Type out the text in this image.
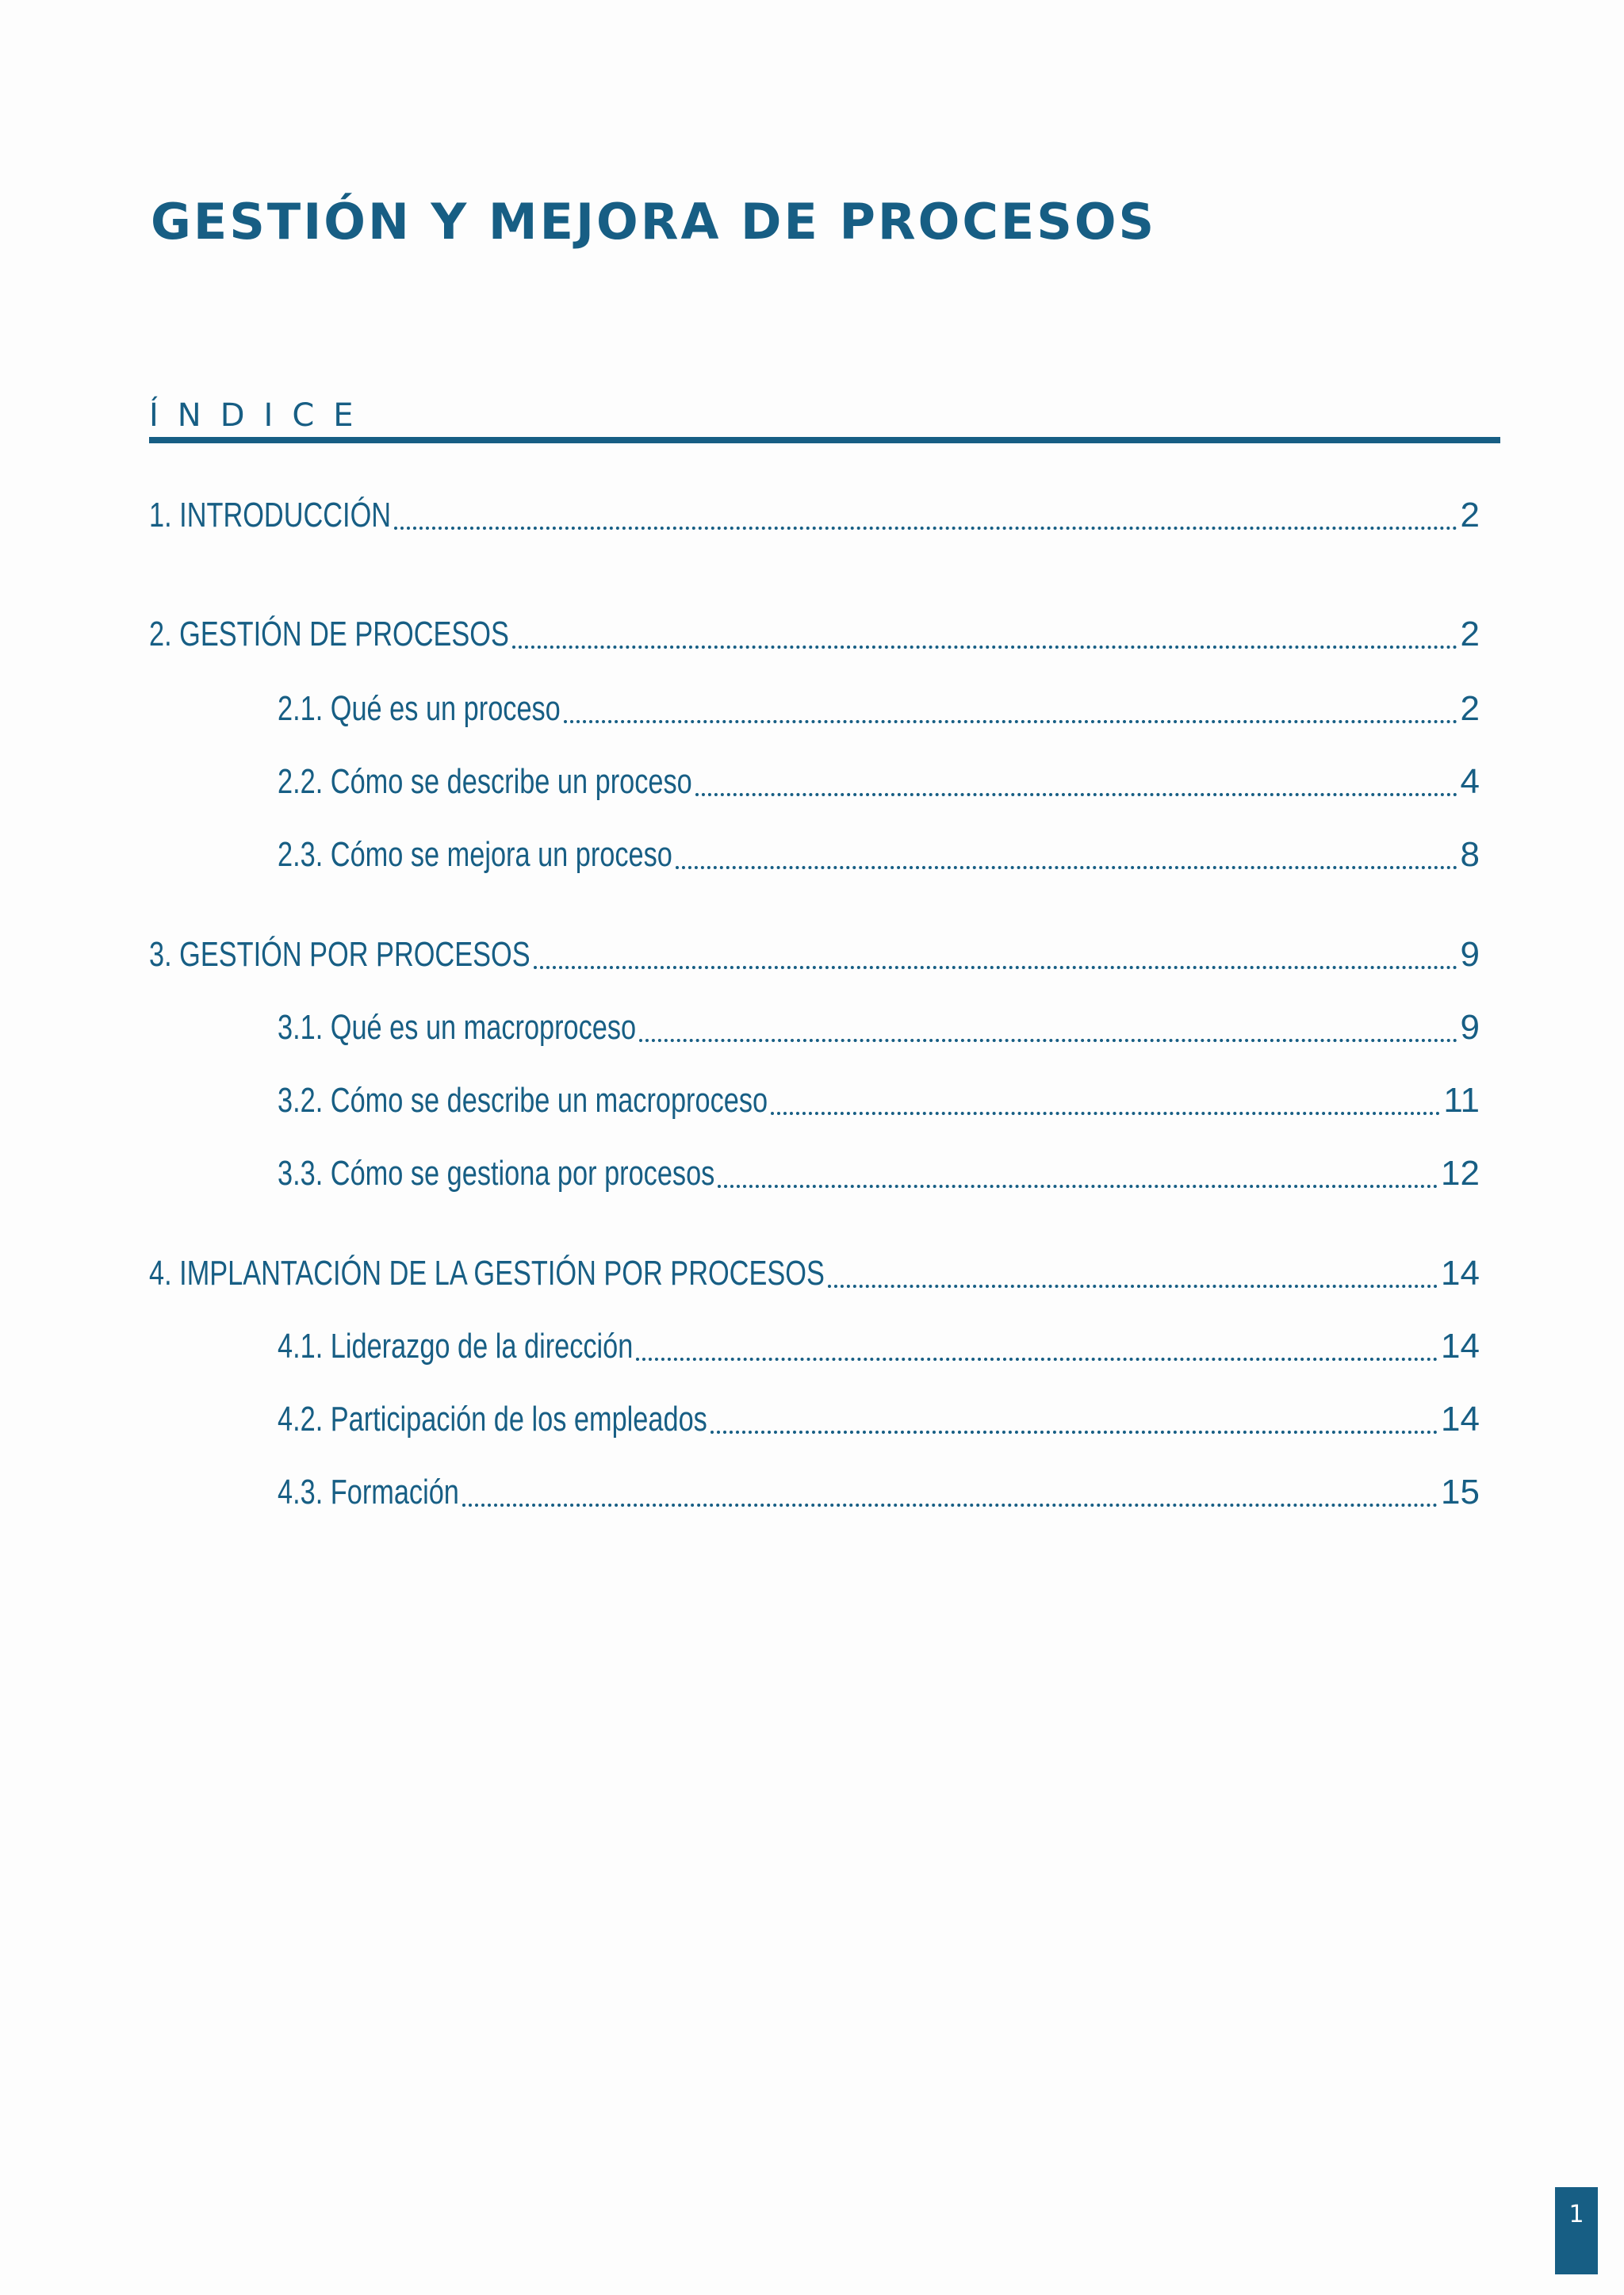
GESTIÓN Y MEJORA DE PROCESOS
ÍNDICE
1. INTRODUCCIÓN	2
2. GESTIÓN DE PROCESOS	2
2.1. Qué es un proceso	2
2.2. Cómo se describe un proceso	4
2.3. Cómo se mejora un proceso	8
3. GESTIÓN POR PROCESOS	9
3.1. Qué es un macroproceso	9
3.2. Cómo se describe un macroproceso	11
3.3. Cómo se gestiona por procesos	12
4. IMPLANTACIÓN DE LA GESTIÓN POR PROCESOS	14
4.1. Liderazgo de la dirección	14
4.2. Participación de los empleados	14
4.3. Formación	15
1
